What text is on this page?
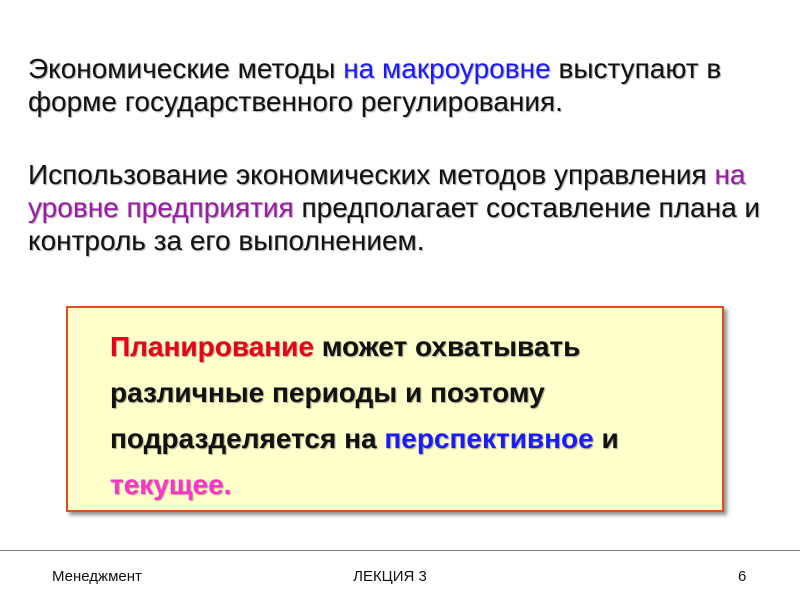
Экономические методы на макроуровне выступают в форме государственного регулирования.

Использование экономических методов управления на уровне предприятия предполагает составление плана и контроль за его выполнением.

Планирование может охватывать различные периоды и поэтому подразделяется на перспективное и текущее.

Менеджмент	ЛЕКЦИЯ 3	6
